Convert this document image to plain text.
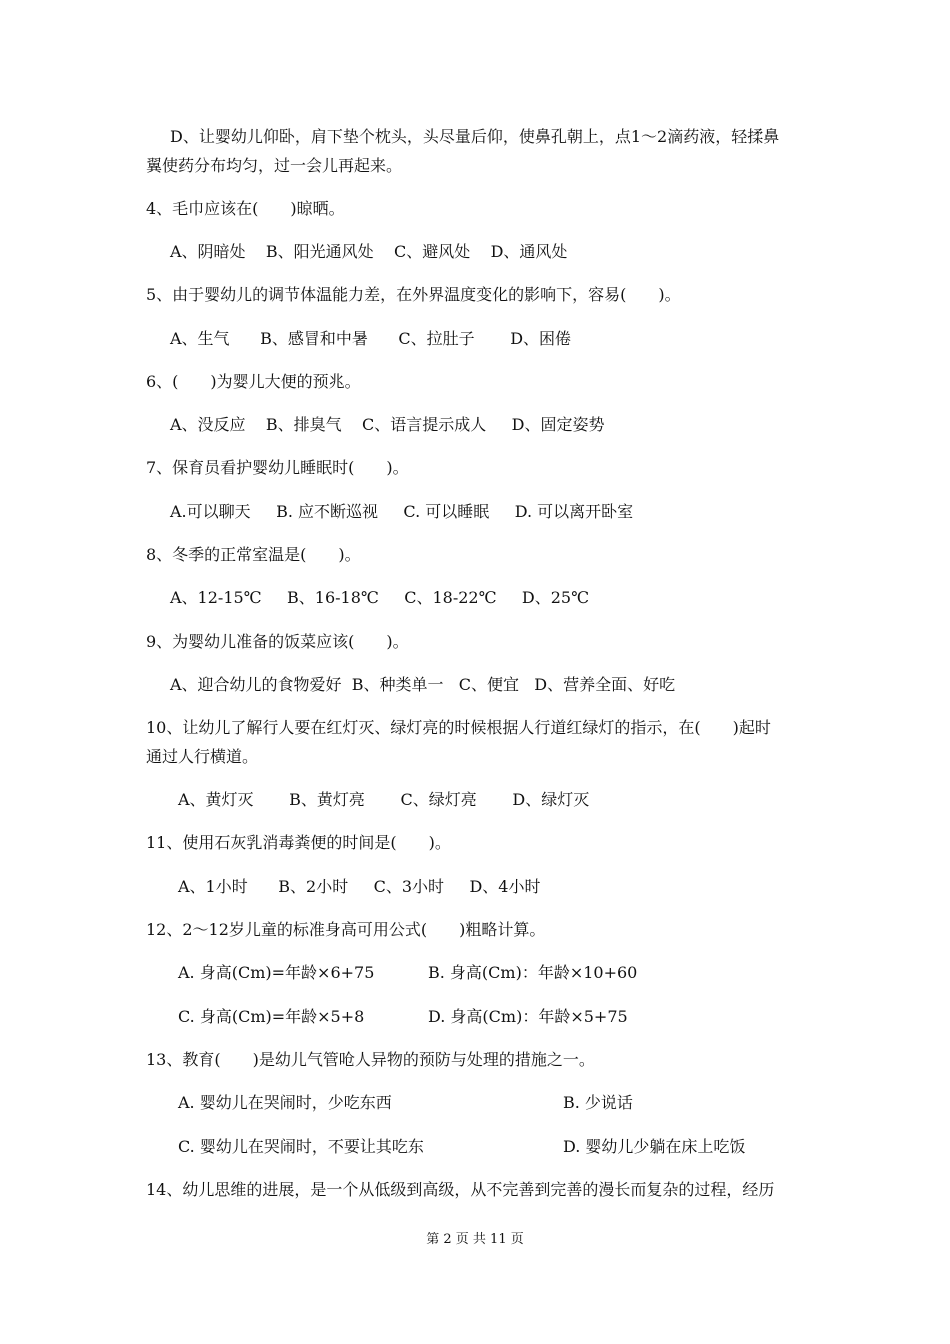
D、让婴幼儿仰卧，肩下垫个枕头，头尽量后仰，使鼻孔朝上，点1～2滴药液，轻揉鼻
翼使药分布均匀，过一会儿再起来。
4、毛巾应该在(　　)晾晒。
A、阴暗处    B、阳光通风处    C、避风处    D、通风处
5、由于婴幼儿的调节体温能力差，在外界温度变化的影响下，容易(　　)。
A、生气      B、感冒和中暑      C、拉肚子       D、困倦
6、(　　)为婴儿大便的预兆。
A、没反应    B、排臭气    C、语言提示成人     D、固定姿势
7、保育员看护婴幼儿睡眠时(　　)。
A.可以聊天     B. 应不断巡视     C. 可以睡眠     D. 可以离开卧室
8、冬季的正常室温是(　　)。
A、12-15℃     B、16-18℃     C、18-22℃     D、25℃
9、为婴幼儿准备的饭菜应该(　　)。
A、迎合幼儿的食物爱好  B、种类单一   C、便宜   D、营养全面、好吃
10、让幼儿了解行人要在红灯灭、绿灯亮的时候根据人行道红绿灯的指示，在(　　)起时
通过人行横道。
A、黄灯灭       B、黄灯亮       C、绿灯亮       D、绿灯灭
11、使用石灰乳消毒粪便的时间是(　　)。
A、1小时      B、2小时     C、3小时     D、4小时
12、2～12岁儿童的标准身高可用公式(　　)粗略计算。
A. 身高(Cm)=年龄×6+75	B. 身高(Cm)：年龄×10+60
C. 身高(Cm)=年龄×5+8	D. 身高(Cm)：年龄×5+75
13、教育(　　)是幼儿气管呛人异物的预防与处理的措施之一。
A. 婴幼儿在哭闹时，少吃东西	B. 少说话
C. 婴幼儿在哭闹时，不要让其吃东	D. 婴幼儿少躺在床上吃饭
14、幼儿思维的进展，是一个从低级到高级，从不完善到完善的漫长而复杂的过程，经历
第 2 页 共 11 页
